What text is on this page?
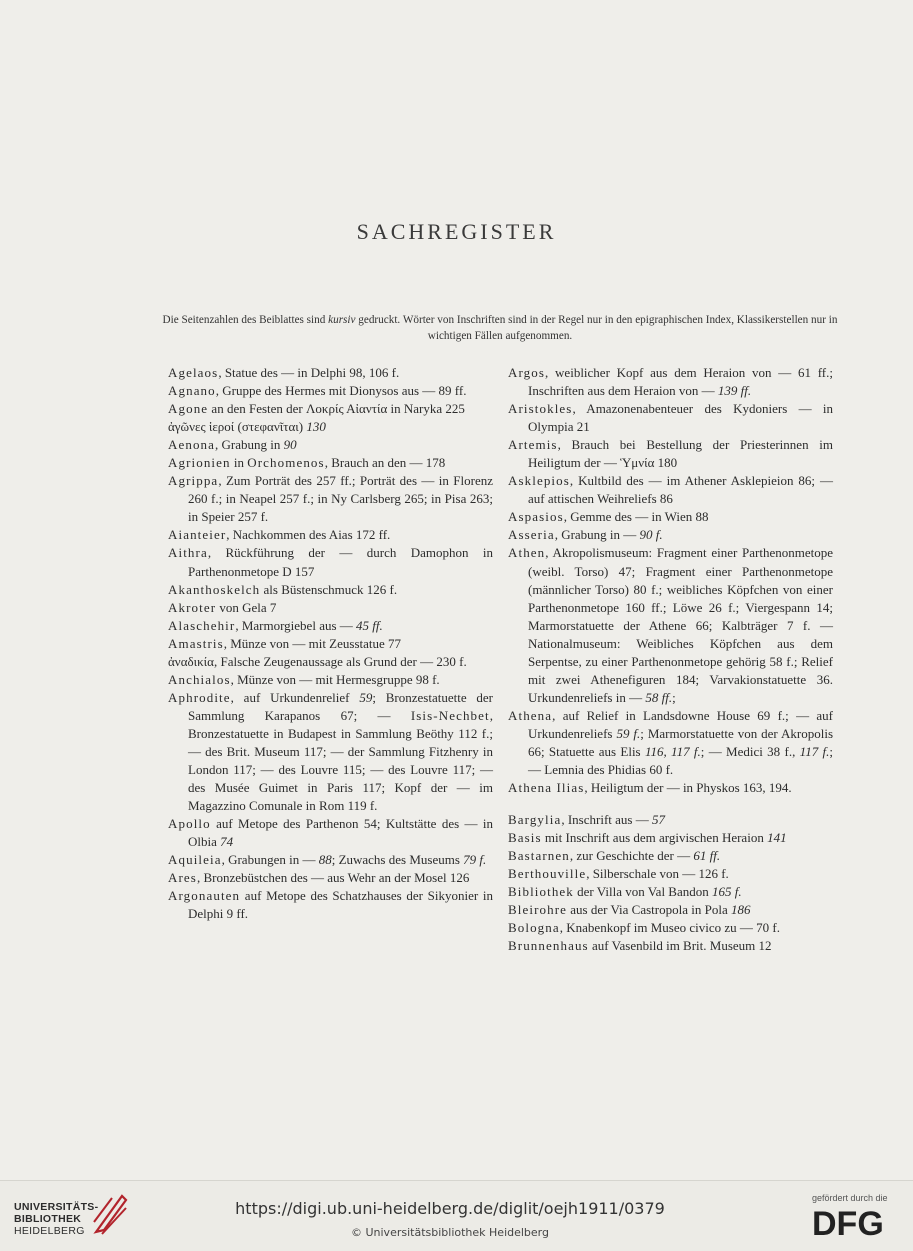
SACHREGISTER
Die Seitenzahlen des Beiblattes sind kursiv gedruckt. Wörter von Inschriften sind in der Regel nur in den epigraphischen Index, Klassikerstellen nur in wichtigen Fällen aufgenommen.
Agelaos, Statue des — in Delphi 98, 106 f.
Agnano, Gruppe des Hermes mit Dionysos aus — 89 ff.
Agone an den Festen der Λοκρίς Αἰαντία in Naryka 225
ἀγῶνες ἱεροί (στεφανῖται) 130
Aenona, Grabung in 90
Agrionien in Orchomenos, Brauch an den — 178
Agrippa, Zum Porträt des 257 ff.; Porträt des — in Florenz 260 f.; in Neapel 257 f.; in Ny Carlsberg 265; in Pisa 263; in Speier 257 f.
Aianteier, Nachkommen des Aias 172 ff.
Aithra, Rückführung der — durch Damophon in Parthenonmetope D 157
Akanthoskelch als Büstenschmuck 126 f.
Akroter von Gela 7
Alaschehir, Marmorgiebel aus — 45 ff.
Amastris, Münze von — mit Zeusstatue 77
ἀναδικία, Falsche Zeugenaussage als Grund der — 230 f.
Anchialos, Münze von — mit Hermesgruppe 98 f.
Aphrodite, auf Urkundenrelief 59; Bronzestatuette der Sammlung Karapanos 67; — Isis-Nechbet, Bronzestatuette in Budapest in Sammlung Beöthy 112 f.; — des Brit. Museum 117; — der Sammlung Fitzhenry in London 117; — des Louvre 115; — des Louvre 117; — des Musée Guimet in Paris 117; Kopf der — im Magazzino Comunale in Rom 119 f.
Apollo auf Metope des Parthenon 54; Kultstätte des — in Olbia 74
Aquileia, Grabungen in — 88; Zuwachs des Museums 79 f.
Ares, Bronzebüstchen des — aus Wehr an der Mosel 126
Argonauten auf Metope des Schatzhauses der Sikyonier in Delphi 9 ff.
Argos, weiblicher Kopf aus dem Heraion von — 61 ff.; Inschriften aus dem Heraion von — 139 ff.
Aristokles, Amazonenabenteuer des Kydoniers — in Olympia 21
Artemis, Brauch bei Bestellung der Priesterinnen im Heiligtum der — Ὑμνία 180
Asklepios, Kultbild des — im Athener Asklepieion 86; — auf attischen Weihreliefs 86
Aspasios, Gemme des — in Wien 88
Asseria, Grabung in — 90 f.
Athen, Akropolismuseum: Fragment einer Parthenonmetope (weibl. Torso) 47; Fragment einer Parthenonmetope (männlicher Torso) 80 f.; weibliches Köpfchen von einer Parthenonmetope 160 ff.; Löwe 26 f.; Viergespann 14; Marmorstatuette der Athene 66; Kalbträger 7 f. — Nationalmuseum: Weibliches Köpfchen aus dem Serpentse, zu einer Parthenonmetope gehörig 58 f.; Relief mit zwei Athenefiguren 184; Varvakionstatuette 36. Urkundenreliefs in — 58 ff.;
Athena, auf Relief in Landsdowne House 69 f.; — auf Urkundenreliefs 59 f.; Marmorstatuette von der Akropolis 66; Statuette aus Elis 116, 117 f.; — Medici 38 f., 117 f.; — Lemnia des Phidias 60 f.
Athena Ilias, Heiligtum der — in Physkos 163, 194.
Bargylia, Inschrift aus — 57
Basis mit Inschrift aus dem argivischen Heraion 141
Bastarnen, zur Geschichte der — 61 ff.
Berthouville, Silberschale von — 126 f.
Bibliothek der Villa von Val Bandon 165 f.
Bleirohre aus der Via Castropola in Pola 186
Bologna, Knabenkopf im Museo civico zu — 70 f.
Brunnenhaus auf Vasenbild im Brit. Museum 12
UNIVERSITÄTS-
BIBLIOTHEK
HEIDELBERG
https://digi.ub.uni-heidelberg.de/diglit/oejh1911/0379
© Universitätsbibliothek Heidelberg
gefördert durch die
DFG
